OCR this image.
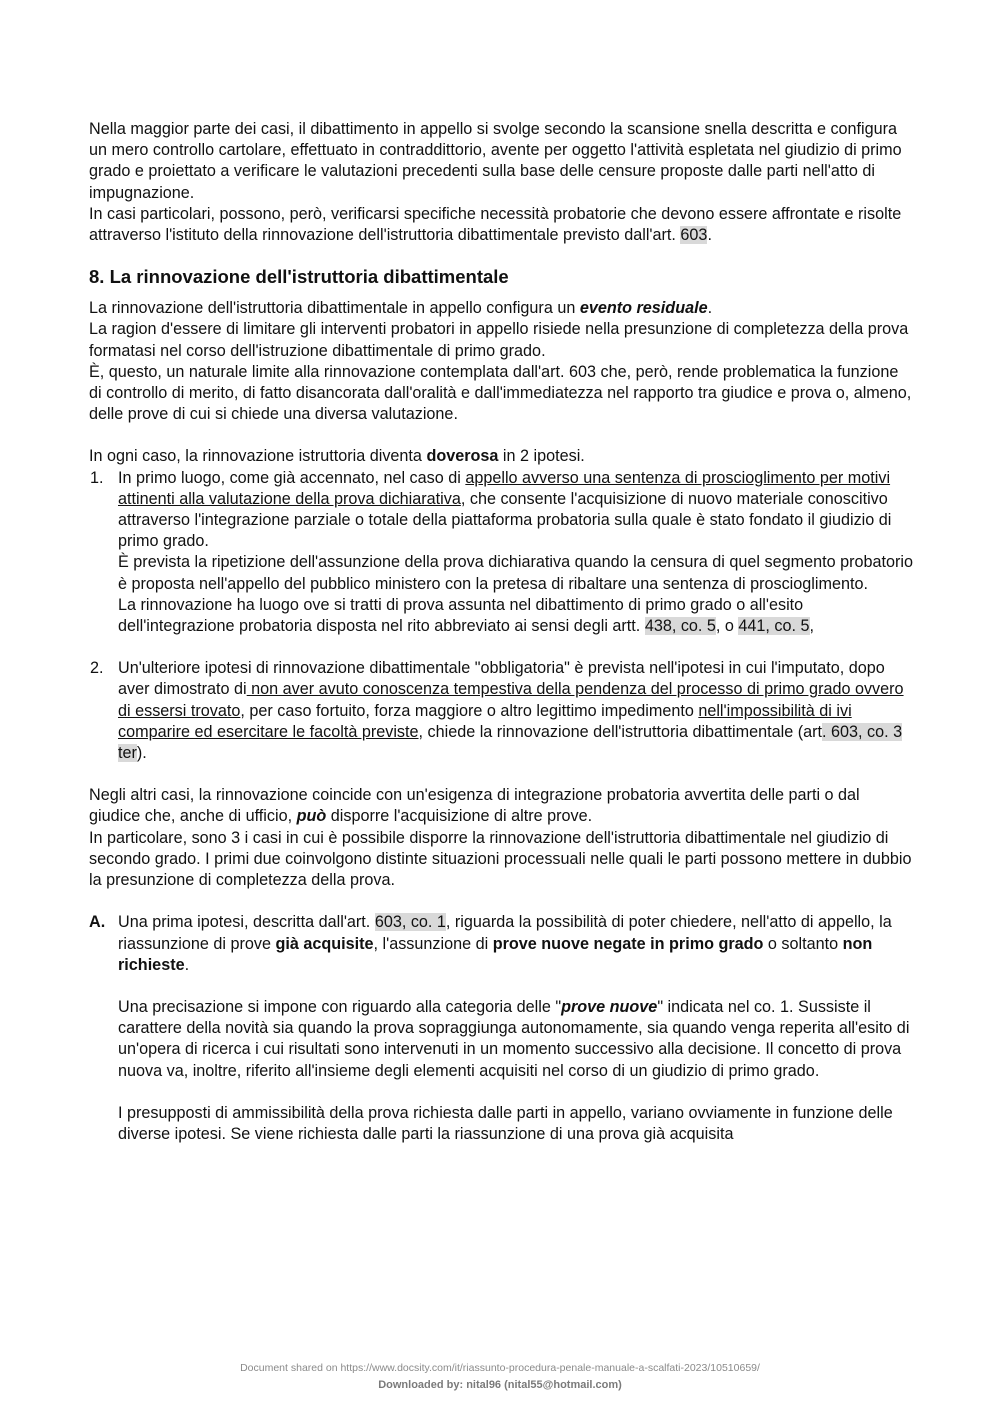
Nella maggior parte dei casi, il dibattimento in appello si svolge secondo la scansione snella descritta e configura un mero controllo cartolare, effettuato in contraddittorio, avente per oggetto l'attività espletata nel giudizio di primo grado e proiettato a verificare le valutazioni precedenti sulla base delle censure proposte dalle parti nell'atto di impugnazione.

In casi particolari, possono, però, verificarsi specifiche necessità probatorie che devono essere affrontate e risolte attraverso l'istituto della rinnovazione dell'istruttoria dibattimentale previsto dall'art. 603.

8. La rinnovazione dell'istruttoria dibattimentale

La rinnovazione dell'istruttoria dibattimentale in appello configura un evento residuale.

La ragion d'essere di limitare gli interventi probatori in appello risiede nella presunzione di completezza della prova formatasi nel corso dell'istruzione dibattimentale di primo grado.

È, questo, un naturale limite alla rinnovazione contemplata dall'art. 603 che, però, rende problematica la funzione di controllo di merito, di fatto disancorata dall'oralità e dall'immediatezza nel rapporto tra giudice e prova o, almeno, delle prove di cui si chiede una diversa valutazione.

In ogni caso, la rinnovazione istruttoria diventa doverosa in 2 ipotesi.

1. In primo luogo, come già accennato, nel caso di appello avverso una sentenza di proscioglimento per motivi attinenti alla valutazione della prova dichiarativa, che consente l'acquisizione di nuovo materiale conoscitivo attraverso l'integrazione parziale o totale della piattaforma probatoria sulla quale è stato fondato il giudizio di primo grado.

È prevista la ripetizione dell'assunzione della prova dichiarativa quando la censura di quel segmento probatorio è proposta nell'appello del pubblico ministero con la pretesa di ribaltare una sentenza di proscioglimento.

La rinnovazione ha luogo ove si tratti di prova assunta nel dibattimento di primo grado o all'esito dell'integrazione probatoria disposta nel rito abbreviato ai sensi degli artt. 438, co. 5, o 441, co. 5,

2. Un'ulteriore ipotesi di rinnovazione dibattimentale "obbligatoria" è prevista nell'ipotesi in cui l'imputato, dopo aver dimostrato di non aver avuto conoscenza tempestiva della pendenza del processo di primo grado ovvero di essersi trovato, per caso fortuito, forza maggiore o altro legittimo impedimento nell'impossibilità di ivi comparire ed esercitare le facoltà previste, chiede la rinnovazione dell'istruttoria dibattimentale (art. 603, co. 3 ter).

Negli altri casi, la rinnovazione coincide con un'esigenza di integrazione probatoria avvertita delle parti o dal giudice che, anche di ufficio, può disporre l'acquisizione di altre prove.

In particolare, sono 3 i casi in cui è possibile disporre la rinnovazione dell'istruttoria dibattimentale nel giudizio di secondo grado. I primi due coinvolgono distinte situazioni processuali nelle quali le parti possono mettere in dubbio la presunzione di completezza della prova.

A. Una prima ipotesi, descritta dall'art. 603, co. 1, riguarda la possibilità di poter chiedere, nell'atto di appello, la riassunzione di prove già acquisite, l'assunzione di prove nuove negate in primo grado o soltanto non richieste.

Una precisazione si impone con riguardo alla categoria delle "prove nuove" indicata nel co. 1. Sussiste il carattere della novità sia quando la prova sopraggiunga autonomamente, sia quando venga reperita all'esito di un'opera di ricerca i cui risultati sono intervenuti in un momento successivo alla decisione. Il concetto di prova nuova va, inoltre, riferito all'insieme degli elementi acquisiti nel corso di un giudizio di primo grado.

I presupposti di ammissibilità della prova richiesta dalle parti in appello, variano ovviamente in funzione delle diverse ipotesi. Se viene richiesta dalle parti la riassunzione di una prova già acquisita

Document shared on https://www.docsity.com/it/riassunto-procedura-penale-manuale-a-scalfati-2023/10510659/
Downloaded by: nital96 (nital55@hotmail.com)
